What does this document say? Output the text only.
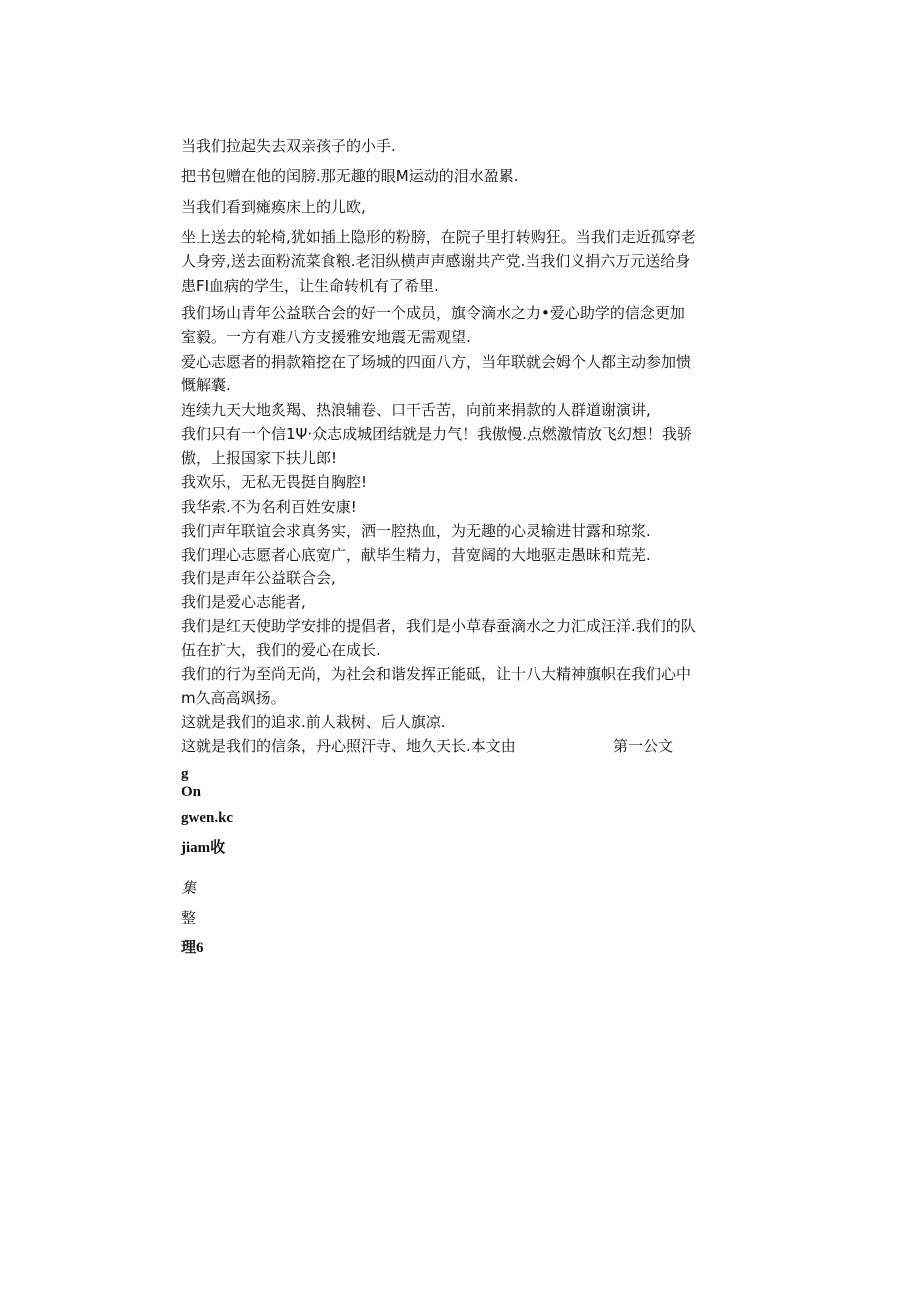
当我们拉起失去双亲孩子的小手.
把书包赠在他的闰膀.那无趣的眼M运动的泪水盈累.
当我们看到瘫痪床上的儿欧,
坐上送去的轮椅,犹如插上隐形的粉膀，在院子里打转购狂。当我们走近孤穿老
人身旁,送去面粉流菜食粮.老泪纵横声声感谢共产党.当我们义捐六万元送给身
患FI血病的学生，让生命转机有了希里.
我们场山青年公益联合会的好一个成员，旗令滴水之力•爱心助学的信念更加
室毅。一方有难八方支援雅安地震无需观望.
爱心志愿者的捐款箱挖在了场城的四面八方，当年联就会姆个人都主动参加愦
慨解囊.
连续九天大地炙羯、热浪辅卷、口干舌苦，向前来捐款的人群道谢演讲,
我们只有一个信1Ψ·众志成城团结就是力气！我傲慢.点燃激情放飞幻想！我骄
傲，上报国家下扶儿郎!
我欢乐，无私无畏挺自胸腔!
我华索.不为名利百姓安康!
我们声年联谊会求真务实，洒一腔热血，为无趣的心灵输进甘露和琼浆.
我们理心志愿者心底宽广，献毕生精力，昔宽阔的大地驱走愚昧和荒芜.
我们是声年公益联合会,
我们是爱心志能者,
我们是红天使助学安排的提倡者，我们是小草春蚕滴水之力汇成汪洋.我们的队
伍在扩大，我们的爱心在成长.
我们的行为至尚无尚，为社会和谐发挥正能砥，让十八大精神旗帜在我们心中
m久高高飒扬。
这就是我们的追求.前人栽树、后人旗凉.
这就是我们的信条，丹心照汗寺、地久天长.本文由	第一公文
g
On
gwen.kc
jiam收
集
整
理6
